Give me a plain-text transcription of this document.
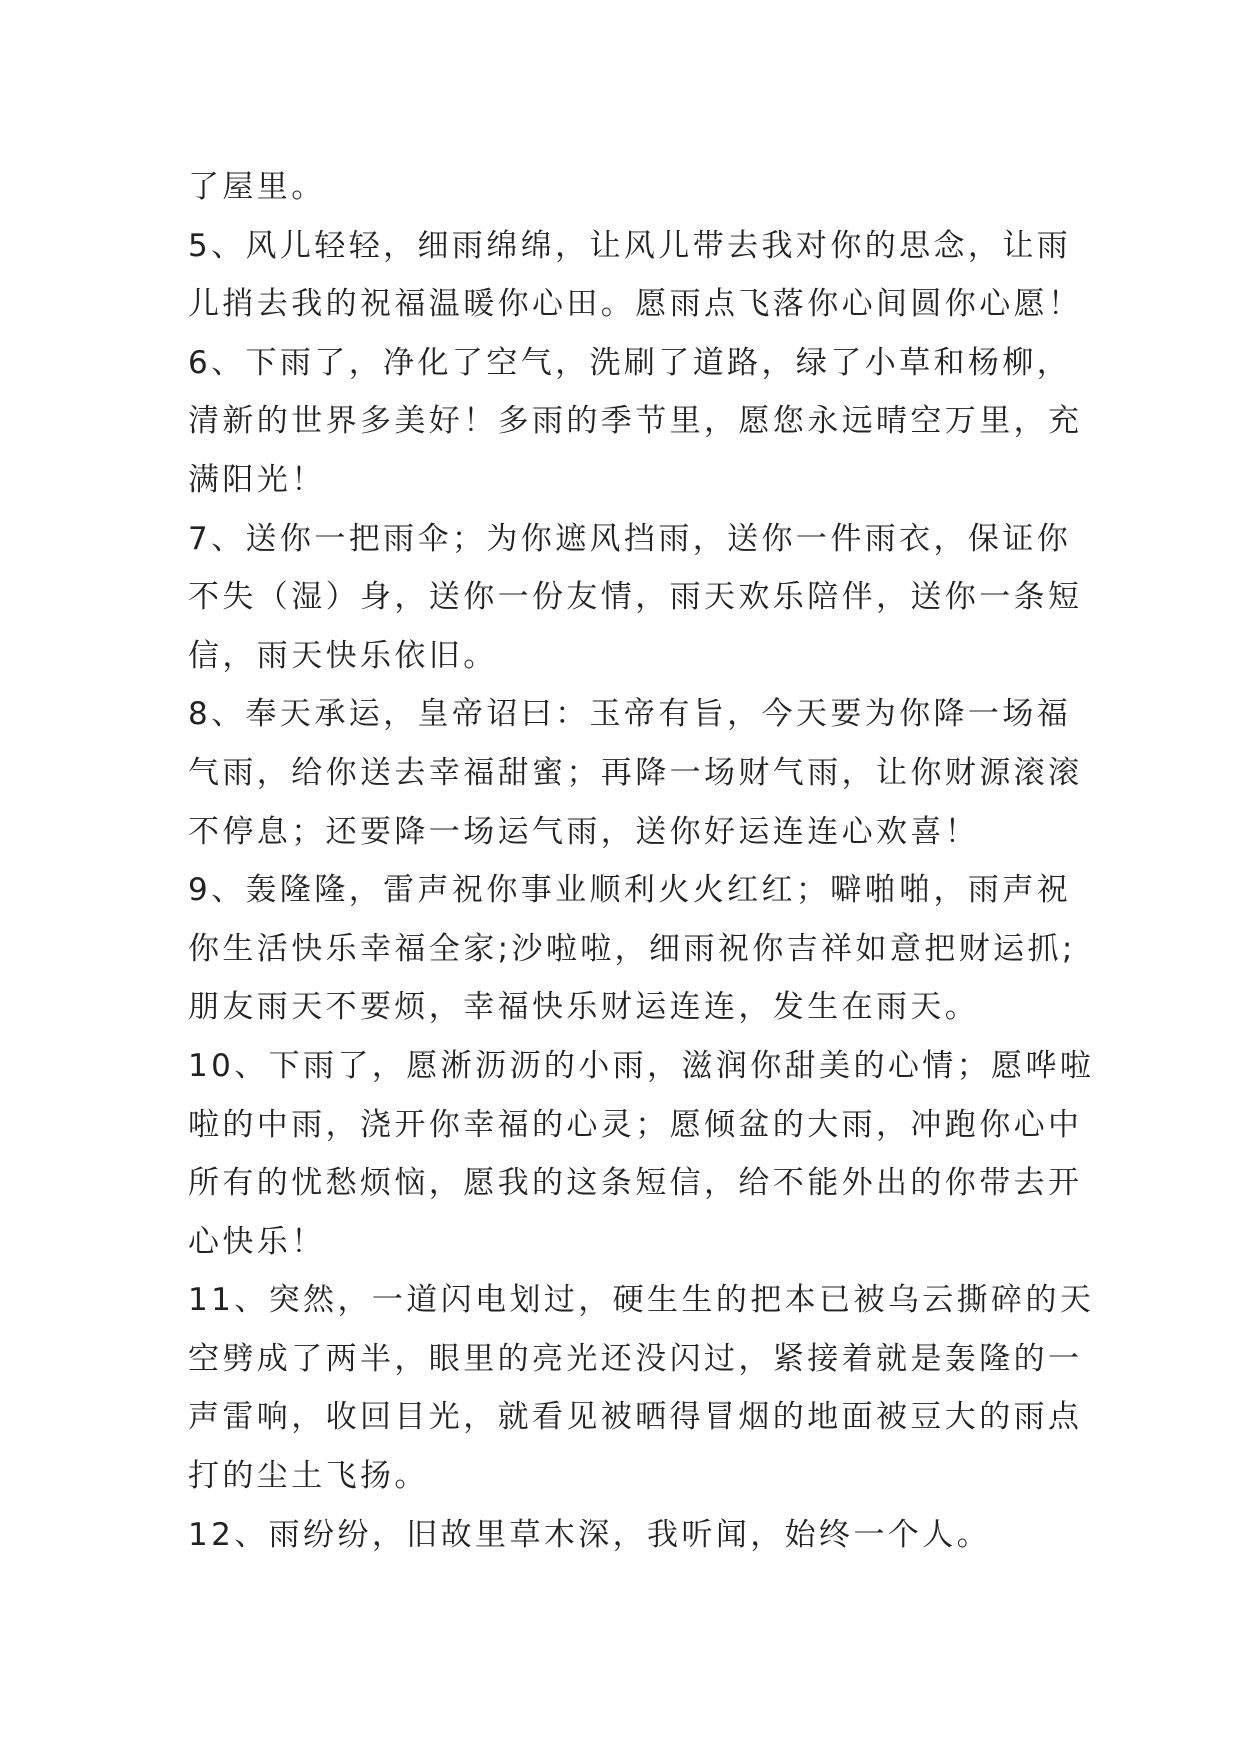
了屋里。
5、风儿轻轻，细雨绵绵，让风儿带去我对你的思念，让雨
儿捎去我的祝福温暖你心田。愿雨点飞落你心间圆你心愿！
6、下雨了，净化了空气，洗刷了道路，绿了小草和杨柳，
清新的世界多美好！多雨的季节里，愿您永远晴空万里，充
满阳光！
7、送你一把雨伞；为你遮风挡雨，送你一件雨衣，保证你
不失（湿）身，送你一份友情，雨天欢乐陪伴，送你一条短
信，雨天快乐依旧。
8、奉天承运，皇帝诏曰：玉帝有旨，今天要为你降一场福
气雨，给你送去幸福甜蜜；再降一场财气雨，让你财源滚滚
不停息；还要降一场运气雨，送你好运连连心欢喜！
9、轰隆隆，雷声祝你事业顺利火火红红；噼啪啪，雨声祝
你生活快乐幸福全家;沙啦啦，细雨祝你吉祥如意把财运抓;
朋友雨天不要烦，幸福快乐财运连连，发生在雨天。
10、下雨了，愿淅沥沥的小雨，滋润你甜美的心情；愿哗啦
啦的中雨，浇开你幸福的心灵；愿倾盆的大雨，冲跑你心中
所有的忧愁烦恼，愿我的这条短信，给不能外出的你带去开
心快乐！
11、突然，一道闪电划过，硬生生的把本已被乌云撕碎的天
空劈成了两半，眼里的亮光还没闪过，紧接着就是轰隆的一
声雷响，收回目光，就看见被晒得冒烟的地面被豆大的雨点
打的尘土飞扬。
12、雨纷纷，旧故里草木深，我听闻，始终一个人。
